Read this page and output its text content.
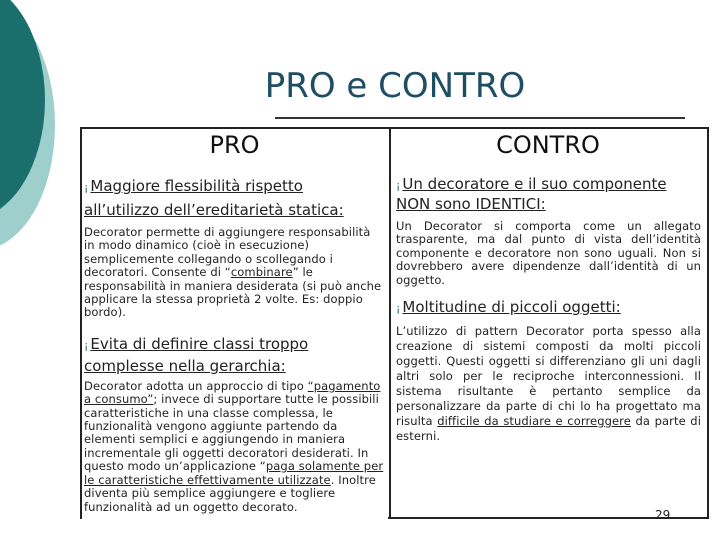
PRO e CONTRO
PRO	CONTRO

¡ Maggiore flessibilità rispetto
all’utilizzo dell’ereditarietà statica:

Decorator permette di aggiungere responsabilità in modo dinamico (cioè in esecuzione) semplicemente collegando o scollegando i decoratori. Consente di “combinare” le responsabilità in maniera desiderata (si può anche applicare la stessa proprietà 2 volte. Es: doppio bordo).

¡ Evita di definire classi troppo complesse nella gerarchia:

Decorator adotta un approccio di tipo “pagamento a consumo”; invece di supportare tutte le possibili caratteristiche in una classe complessa, le funzionalità vengono aggiunte partendo da elementi semplici e aggiungendo in maniera incrementale gli oggetti decoratori desiderati. In questo modo un’applicazione “paga solamente per le caratteristiche effettivamente utilizzate. Inoltre diventa più semplice aggiungere e togliere funzionalità ad un oggetto decorato.

¡ Un decoratore e il suo componente NON sono IDENTICI:

Un Decorator si comporta come un allegato trasparente, ma dal punto di vista dell’identità componente e decoratore non sono uguali. Non si dovrebbero avere dipendenze dall’identità di un oggetto.

¡ Moltitudine di piccoli oggetti:

L’utilizzo di pattern Decorator porta spesso alla creazione di sistemi composti da molti piccoli oggetti. Questi oggetti si differenziano gli uni dagli altri solo per le reciproche interconnessioni. Il sistema risultante è pertanto semplice da personalizzare da parte di chi lo ha progettato ma risulta difficile da studiare e correggere da parte di esterni.

29
